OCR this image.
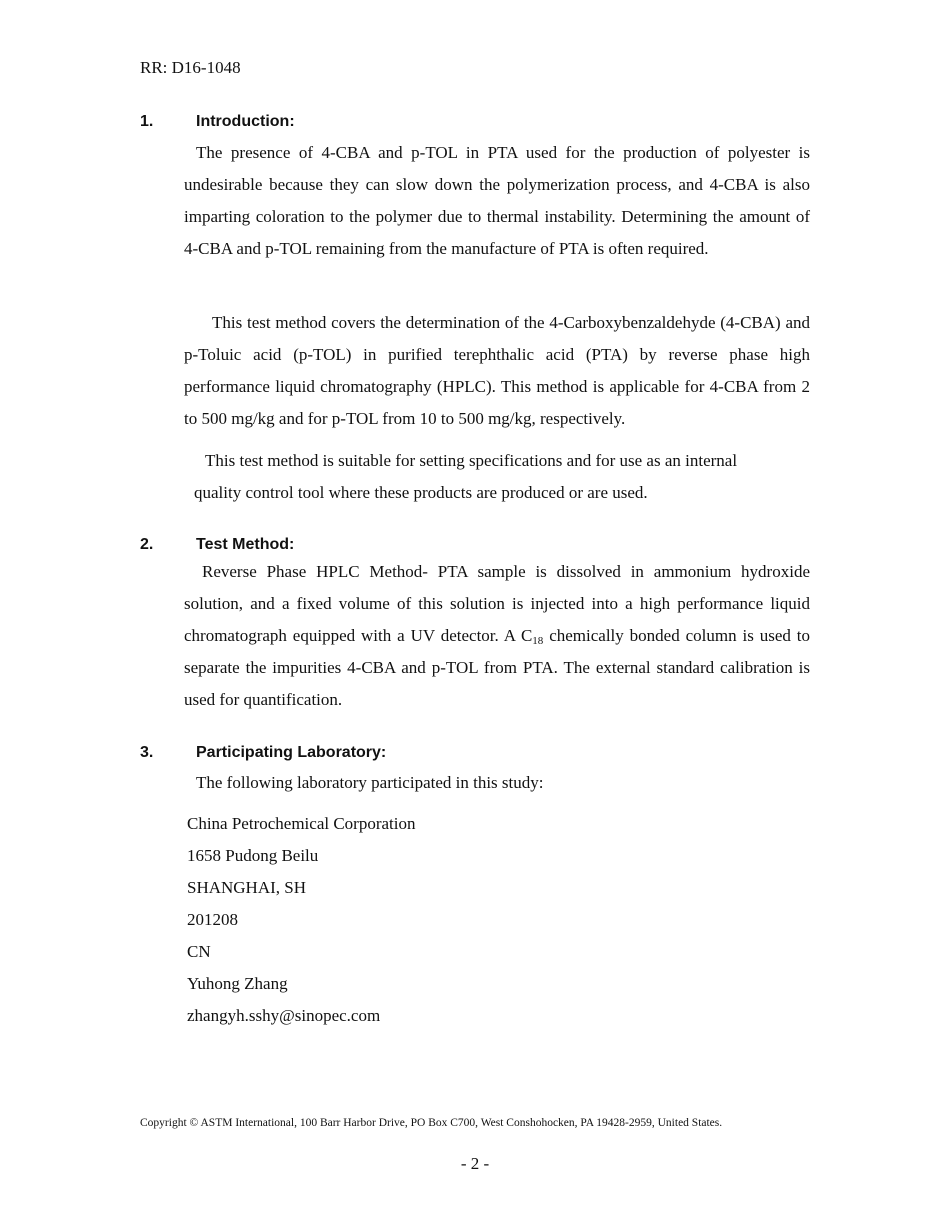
RR: D16-1048
1.	Introduction:
The presence of 4-CBA and p-TOL in PTA used for the production of polyester is undesirable because they can slow down the polymerization process, and 4-CBA is also imparting coloration to the polymer due to thermal instability. Determining the amount of 4-CBA and p-TOL remaining from the manufacture of PTA is often required.
This test method covers the determination of the 4-Carboxybenzaldehyde (4-CBA) and p-Toluic acid (p-TOL) in purified terephthalic acid (PTA) by reverse phase high performance liquid chromatography (HPLC). This method is applicable for 4-CBA from 2 to 500 mg/kg and for p-TOL from 10 to 500 mg/kg, respectively.
This test method is suitable for setting specifications and for use as an internal
quality control tool where these products are produced or are used.
2.	Test Method:
Reverse Phase HPLC Method- PTA sample is dissolved in ammonium hydroxide solution, and a fixed volume of this solution is injected into a high performance liquid chromatograph equipped with a UV detector. A $C_{18}$ chemically bonded column is used to separate the impurities 4-CBA and p-TOL from PTA. The external standard calibration is used for quantification.
3.	Participating Laboratory:
The following laboratory participated in this study:
China Petrochemical Corporation
1658 Pudong Beilu
SHANGHAI, SH
201208
CN
Yuhong Zhang
zhangyh.sshy@sinopec.com
Copyright © ASTM International, 100 Barr Harbor Drive, PO Box C700, West Conshohocken, PA 19428-2959, United States.
- 2 -
